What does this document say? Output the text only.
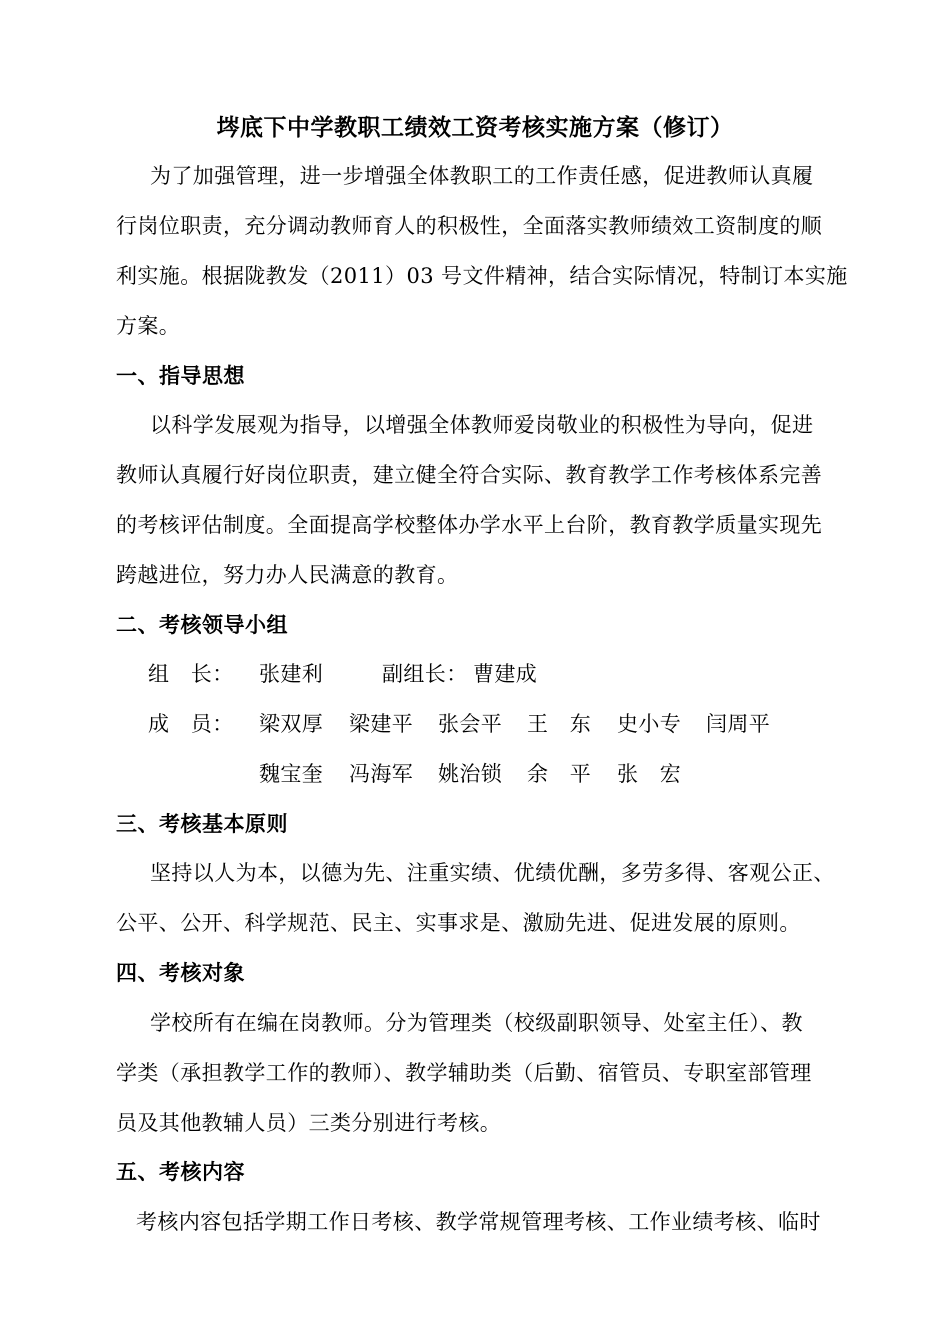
埁底下中学教职工绩效工资考核实施方案（修订）
为了加强管理，进一步增强全体教职工的工作责任感，促进教师认真履
行岗位职责，充分调动教师育人的积极性，全面落实教师绩效工资制度的顺
利实施。根据陇教发（2011）03 号文件精神，结合实际情况，特制订本实施
方案。
一、指导思想
以科学发展观为指导，以增强全体教师爱岗敬业的积极性为导向，促进
教师认真履行好岗位职责，建立健全符合实际、教育教学工作考核体系完善
的考核评估制度。全面提高学校整体办学水平上台阶，教育教学质量实现先
跨越进位，努力办人民满意的教育。
二、考核领导小组
组　长： 张建利	副组长： 曹建成
成　员： 梁双厚 梁建平 张会平 王　东 史小专 闫周平
魏宝奎 冯海军 姚治锁 余　平 张　宏
三、考核基本原则
坚持以人为本，以德为先、注重实绩、优绩优酬，多劳多得、客观公正、
公平、公开、科学规范、民主、实事求是、激励先进、促进发展的原则。
四、考核对象
学校所有在编在岗教师。分为管理类（校级副职领导、处室主任）、教
学类（承担教学工作的教师）、教学辅助类（后勤、宿管员、专职室部管理
员及其他教辅人员）三类分别进行考核。
五、考核内容
考核内容包括学期工作日考核、教学常规管理考核、工作业绩考核、临时
